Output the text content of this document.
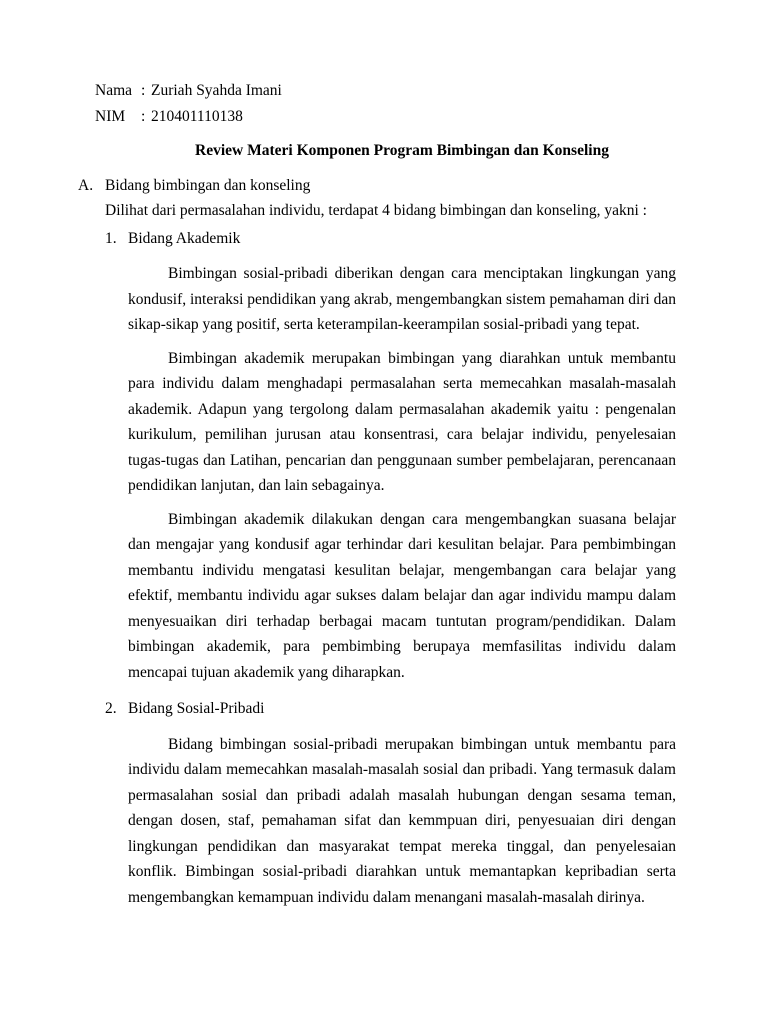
Nama : Zuriah Syahda Imani
NIM	: 210401110138
Review Materi Komponen Program Bimbingan dan Konseling
A. Bidang bimbingan dan konseling
Dilihat dari permasalahan individu, terdapat 4 bidang bimbingan dan konseling, yakni :
1. Bidang Akademik

Bimbingan sosial-pribadi diberikan dengan cara menciptakan lingkungan yang kondusif, interaksi pendidikan yang akrab, mengembangkan sistem pemahaman diri dan sikap-sikap yang positif, serta keterampilan-keerampilan sosial-pribadi yang tepat.

Bimbingan akademik merupakan bimbingan yang diarahkan untuk membantu para individu dalam menghadapi permasalahan serta memecahkan masalah-masalah akademik. Adapun yang tergolong dalam permasalahan akademik yaitu : pengenalan kurikulum, pemilihan jurusan atau konsentrasi, cara belajar individu, penyelesaian tugas-tugas dan Latihan, pencarian dan penggunaan sumber pembelajaran, perencanaan pendidikan lanjutan, dan lain sebagainya.

Bimbingan akademik dilakukan dengan cara mengembangkan suasana belajar dan mengajar yang kondusif agar terhindar dari kesulitan belajar. Para pembimbingan membantu individu mengatasi kesulitan belajar, mengembangan cara belajar yang efektif, membantu individu agar sukses dalam belajar dan agar individu mampu dalam menyesuaikan diri terhadap berbagai macam tuntutan program/pendidikan. Dalam bimbingan akademik, para pembimbing berupaya memfasilitas individu dalam mencapai tujuan akademik yang diharapkan.

2. Bidang Sosial-Pribadi

Bidang bimbingan sosial-pribadi merupakan bimbingan untuk membantu para individu dalam memecahkan masalah-masalah sosial dan pribadi. Yang termasuk dalam permasalahan sosial dan pribadi adalah masalah hubungan dengan sesama teman, dengan dosen, staf, pemahaman sifat dan kemmpuan diri, penyesuaian diri dengan lingkungan pendidikan dan masyarakat tempat mereka tinggal, dan penyelesaian konflik. Bimbingan sosial-pribadi diarahkan untuk memantapkan kepribadian serta mengembangkan kemampuan individu dalam menangani masalah-masalah dirinya.
